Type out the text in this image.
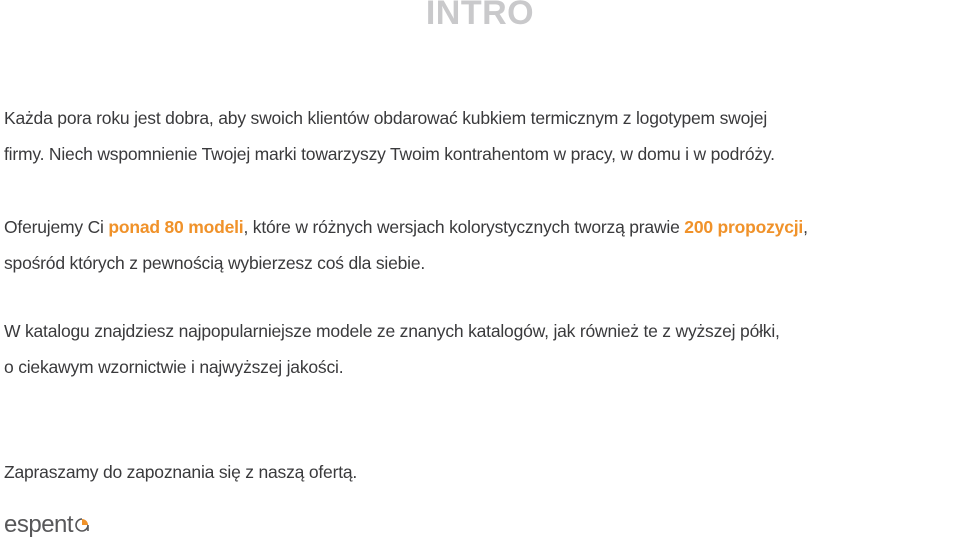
INTRO

Każda pora roku jest dobra, aby swoich klientów obdarować kubkiem termicznym z logotypem swojej
firmy. Niech wspomnienie Twojej marki towarzyszy Twoim kontrahentom w pracy, w domu i w podróży.

Oferujemy Ci ponad 80 modeli, które w różnych wersjach kolorystycznych tworzą prawie 200 propozycji,
spośród których z pewnością wybierzesz coś dla siebie.

W katalogu znajdziesz najpopularniejsze modele ze znanych katalogów, jak również te z wyższej półki,
o ciekawym wzornictwie i najwyższej jakości.

Zapraszamy do zapoznania się z naszą ofertą.

espent
